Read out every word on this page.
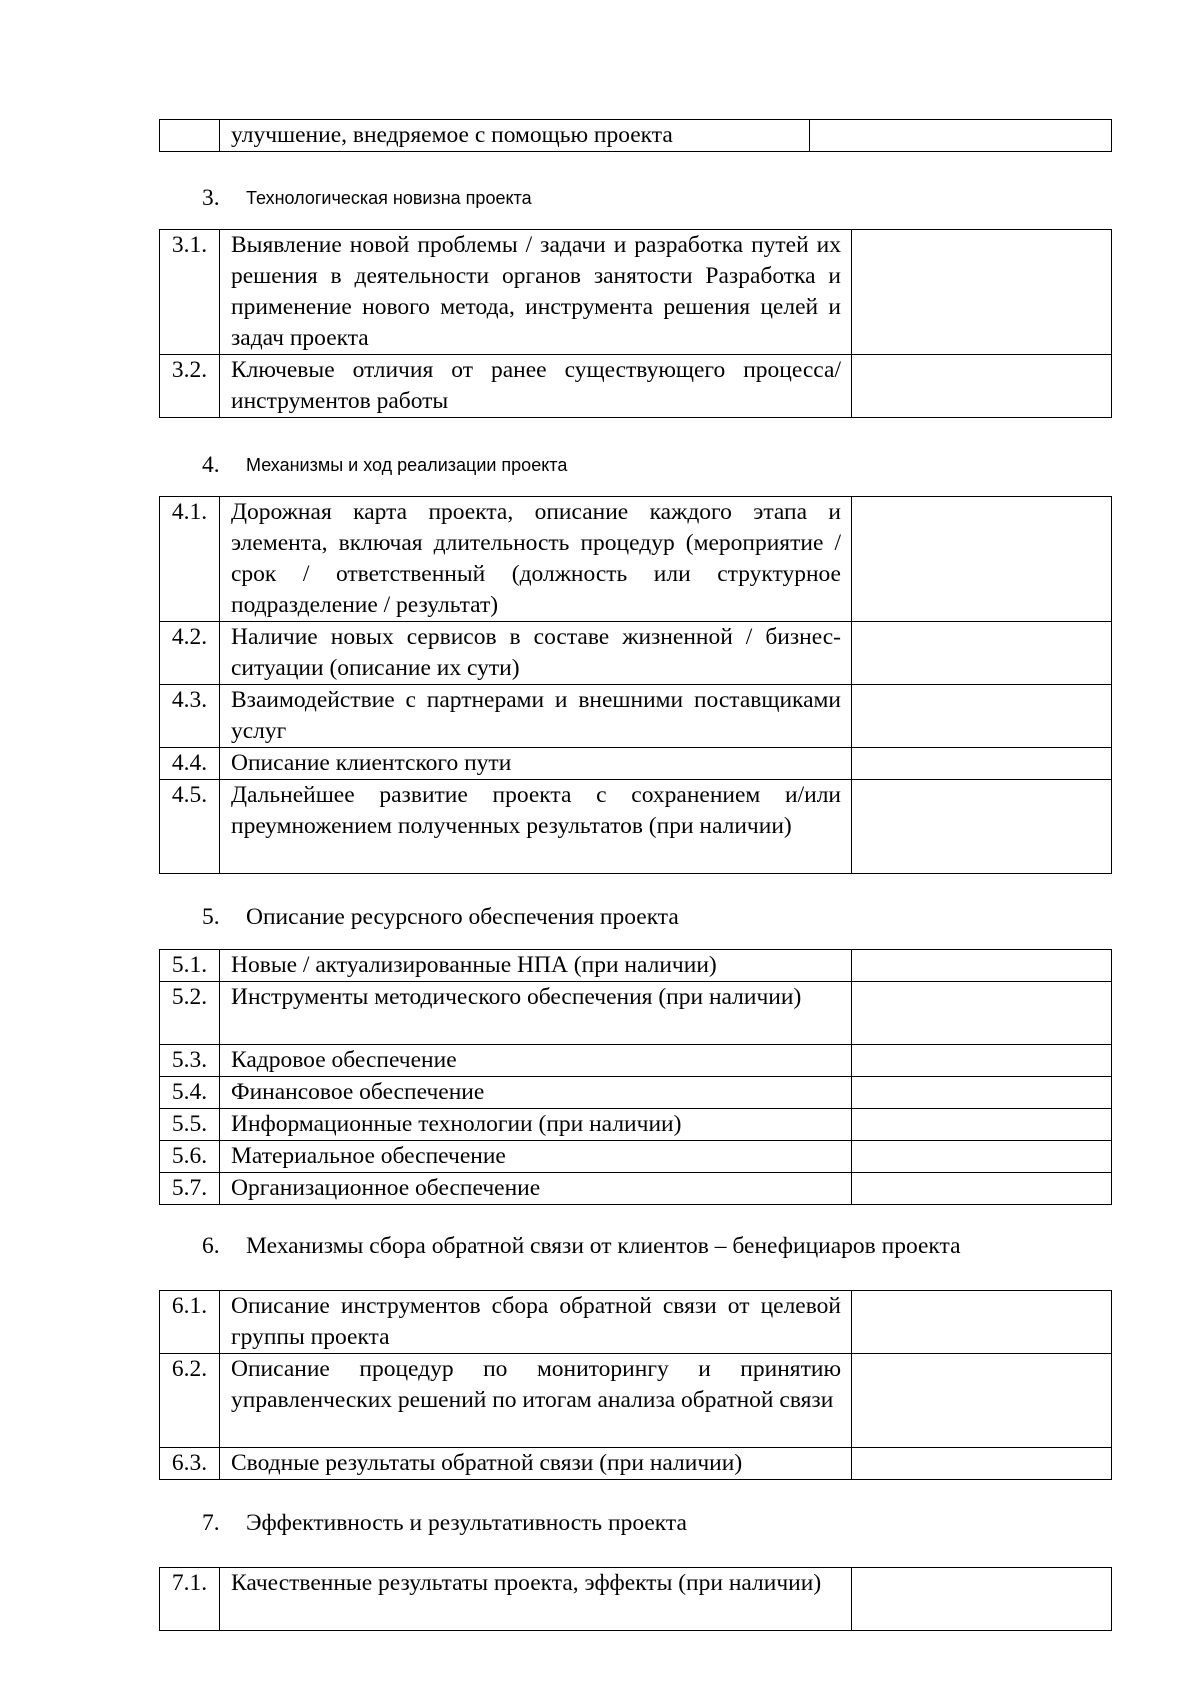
	улучшение, внедряемое с помощью проекта	
3. Технологическая новизна проекта
3.1.	Выявление новой проблемы / задачи и разработка путей их решения в деятельности органов занятости Разработка и применение нового метода, инструмента решения целей и задач проекта	
3.2.	Ключевые отличия от ранее существующего процесса/ инструментов работы	
4. Механизмы и ход реализации проекта
4.1.	Дорожная карта проекта, описание каждого этапа и элемента, включая длительность процедур (мероприятие / срок / ответственный (должность или структурное подразделение / результат)	
4.2.	Наличие новых сервисов в составе жизненной / бизнес-ситуации (описание их сути)	
4.3.	Взаимодействие с партнерами и внешними поставщиками услуг	
4.4.	Описание клиентского пути	
4.5.	Дальнейшее развитие проекта с сохранением и/или преумножением полученных результатов (при наличии)	
5. Описание ресурсного обеспечения проекта
5.1.	Новые / актуализированные НПА (при наличии)	
5.2.	Инструменты методического обеспечения (при наличии)	
5.3.	Кадровое обеспечение	
5.4.	Финансовое обеспечение	
5.5.	Информационные технологии (при наличии)	
5.6.	Материальное обеспечение	
5.7.	Организационное обеспечение	
6. Механизмы сбора обратной связи от клиентов – бенефициаров проекта
6.1.	Описание инструментов сбора обратной связи от целевой группы проекта	
6.2.	Описание процедур по мониторингу и принятию управленческих решений по итогам анализа обратной связи	
6.3.	Сводные результаты обратной связи (при наличии)	
7. Эффективность и результативность проекта
7.1.	Качественные результаты проекта, эффекты (при наличии)	
